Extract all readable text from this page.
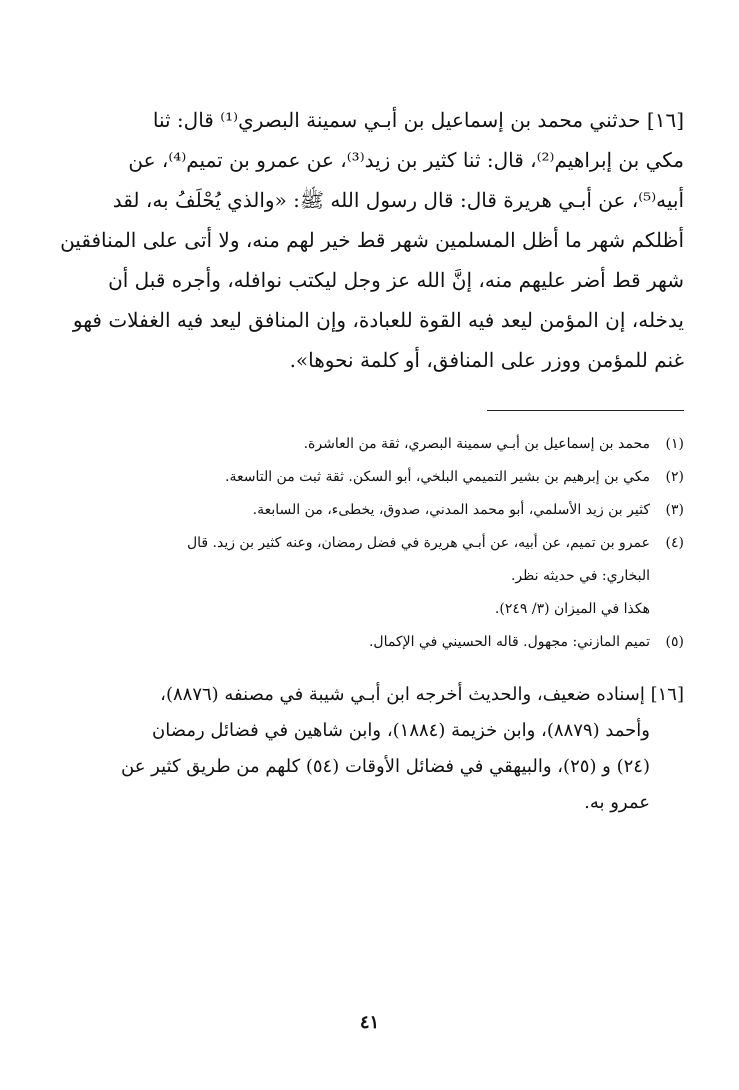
[١٦] حدثني محمد بن إسماعيل بن أبـي سمينة البصري⁽¹⁾ قال: ثنا
مكي بن إبراهيم⁽²⁾، قال: ثنا كثير بن زيد⁽³⁾، عن عمرو بن تميم⁽⁴⁾، عن
أبيه⁽⁵⁾، عن أبـي هريرة قال: قال رسول الله ﷺ: «والذي يُحْلَفُ به، لقد
أظلكم شهر ما أظل المسلمين شهر قط خير لهم منه، ولا أتى على المنافقين
شهر قط أضر عليهم منه، إنَّ الله عز وجل ليكتب نوافله، وأجره قبل أن
يدخله، إن المؤمن ليعد فيه القوة للعبادة، وإن المنافق ليعد فيه الغفلات فهو
غنم للمؤمن ووزر على المنافق، أو كلمة نحوها».
(١)
محمد بن إسماعيل بن أبـي سمينة البصري، ثقة من العاشرة.
(٢)
مكي بن إبرهيم بن بشير التميمي البلخي، أبو السكن. ثقة ثبت من التاسعة.
(٣)
كثير بن زيد الأسلمي، أبو محمد المدني، صدوق، يخطىء، من السابعة.
(٤)
عمرو بن تميم، عن أبيه، عن أبـي هريرة في فضل رمضان، وعنه كثير بن زيد. قال
البخاري: في حديثه نظر.
هكذا في الميزان (٣/ ٢٤٩).
(٥)
تميم المازني: مجهول. قاله الحسيني في الإكمال.
[١٦] إسناده ضعيف، والحديث أخرجه ابن أبـي شيبة في مصنفه (٨٨٧٦)،
وأحمد (٨٨٧٩)، وابن خزيمة (١٨٨٤)، وابن شاهين في فضائل رمضان
(٢٤) و (٢٥)، والبيهقي في فضائل الأوقات (٥٤) كلهم من طريق كثير عن
عمرو به.
٤١
